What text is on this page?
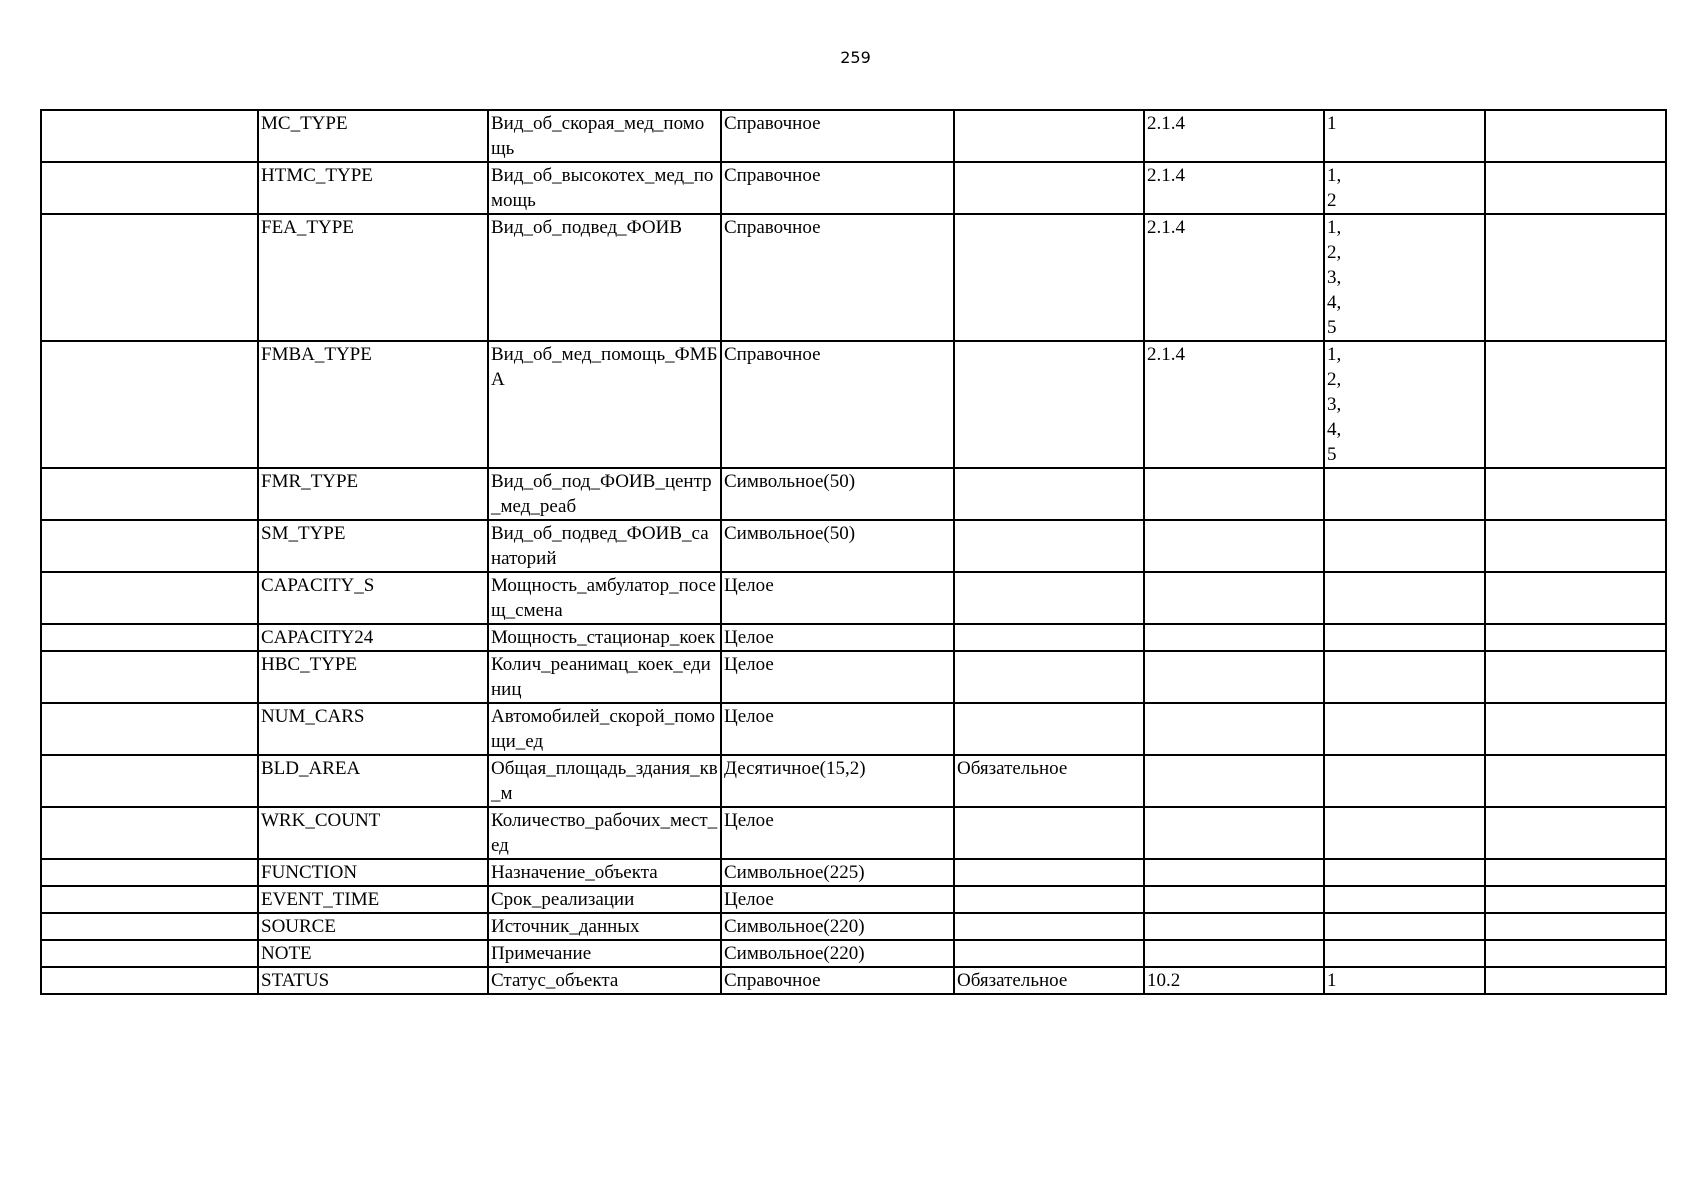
259
	MC_TYPE	Вид_об_скорая_мед_помощь	Справочное		2.1.4	1	
	HTMC_TYPE	Вид_об_высокотех_мед_помощь	Справочное		2.1.4	1,
2	
	FEA_TYPE	Вид_об_подвед_ФОИВ	Справочное		2.1.4	1,
2,
3,
4,
5	
	FMBA_TYPE	Вид_об_мед_помощь_ФМБА	Справочное		2.1.4	1,
2,
3,
4,
5	
	FMR_TYPE	Вид_об_под_ФОИВ_центр_мед_реаб	Символьное(50)				
	SM_TYPE	Вид_об_подвед_ФОИВ_санаторий	Символьное(50)				
	CAPACITY_S	Мощность_амбулатор_посещ_смена	Целое				
	CAPACITY24	Мощность_стационар_коек	Целое				
	HBC_TYPE	Колич_реанимац_коек_единиц	Целое				
	NUM_CARS	Автомобилей_скорой_помощи_ед	Целое				
	BLD_AREA	Общая_площадь_здания_кв_м	Десятичное(15,2)	Обязательное			
	WRK_COUNT	Количество_рабочих_мест_ед	Целое				
	FUNCTION	Назначение_объекта	Символьное(225)				
	EVENT_TIME	Срок_реализации	Целое				
	SOURCE	Источник_данных	Символьное(220)				
	NOTE	Примечание	Символьное(220)				
	STATUS	Статус_объекта	Справочное	Обязательное	10.2	1	
